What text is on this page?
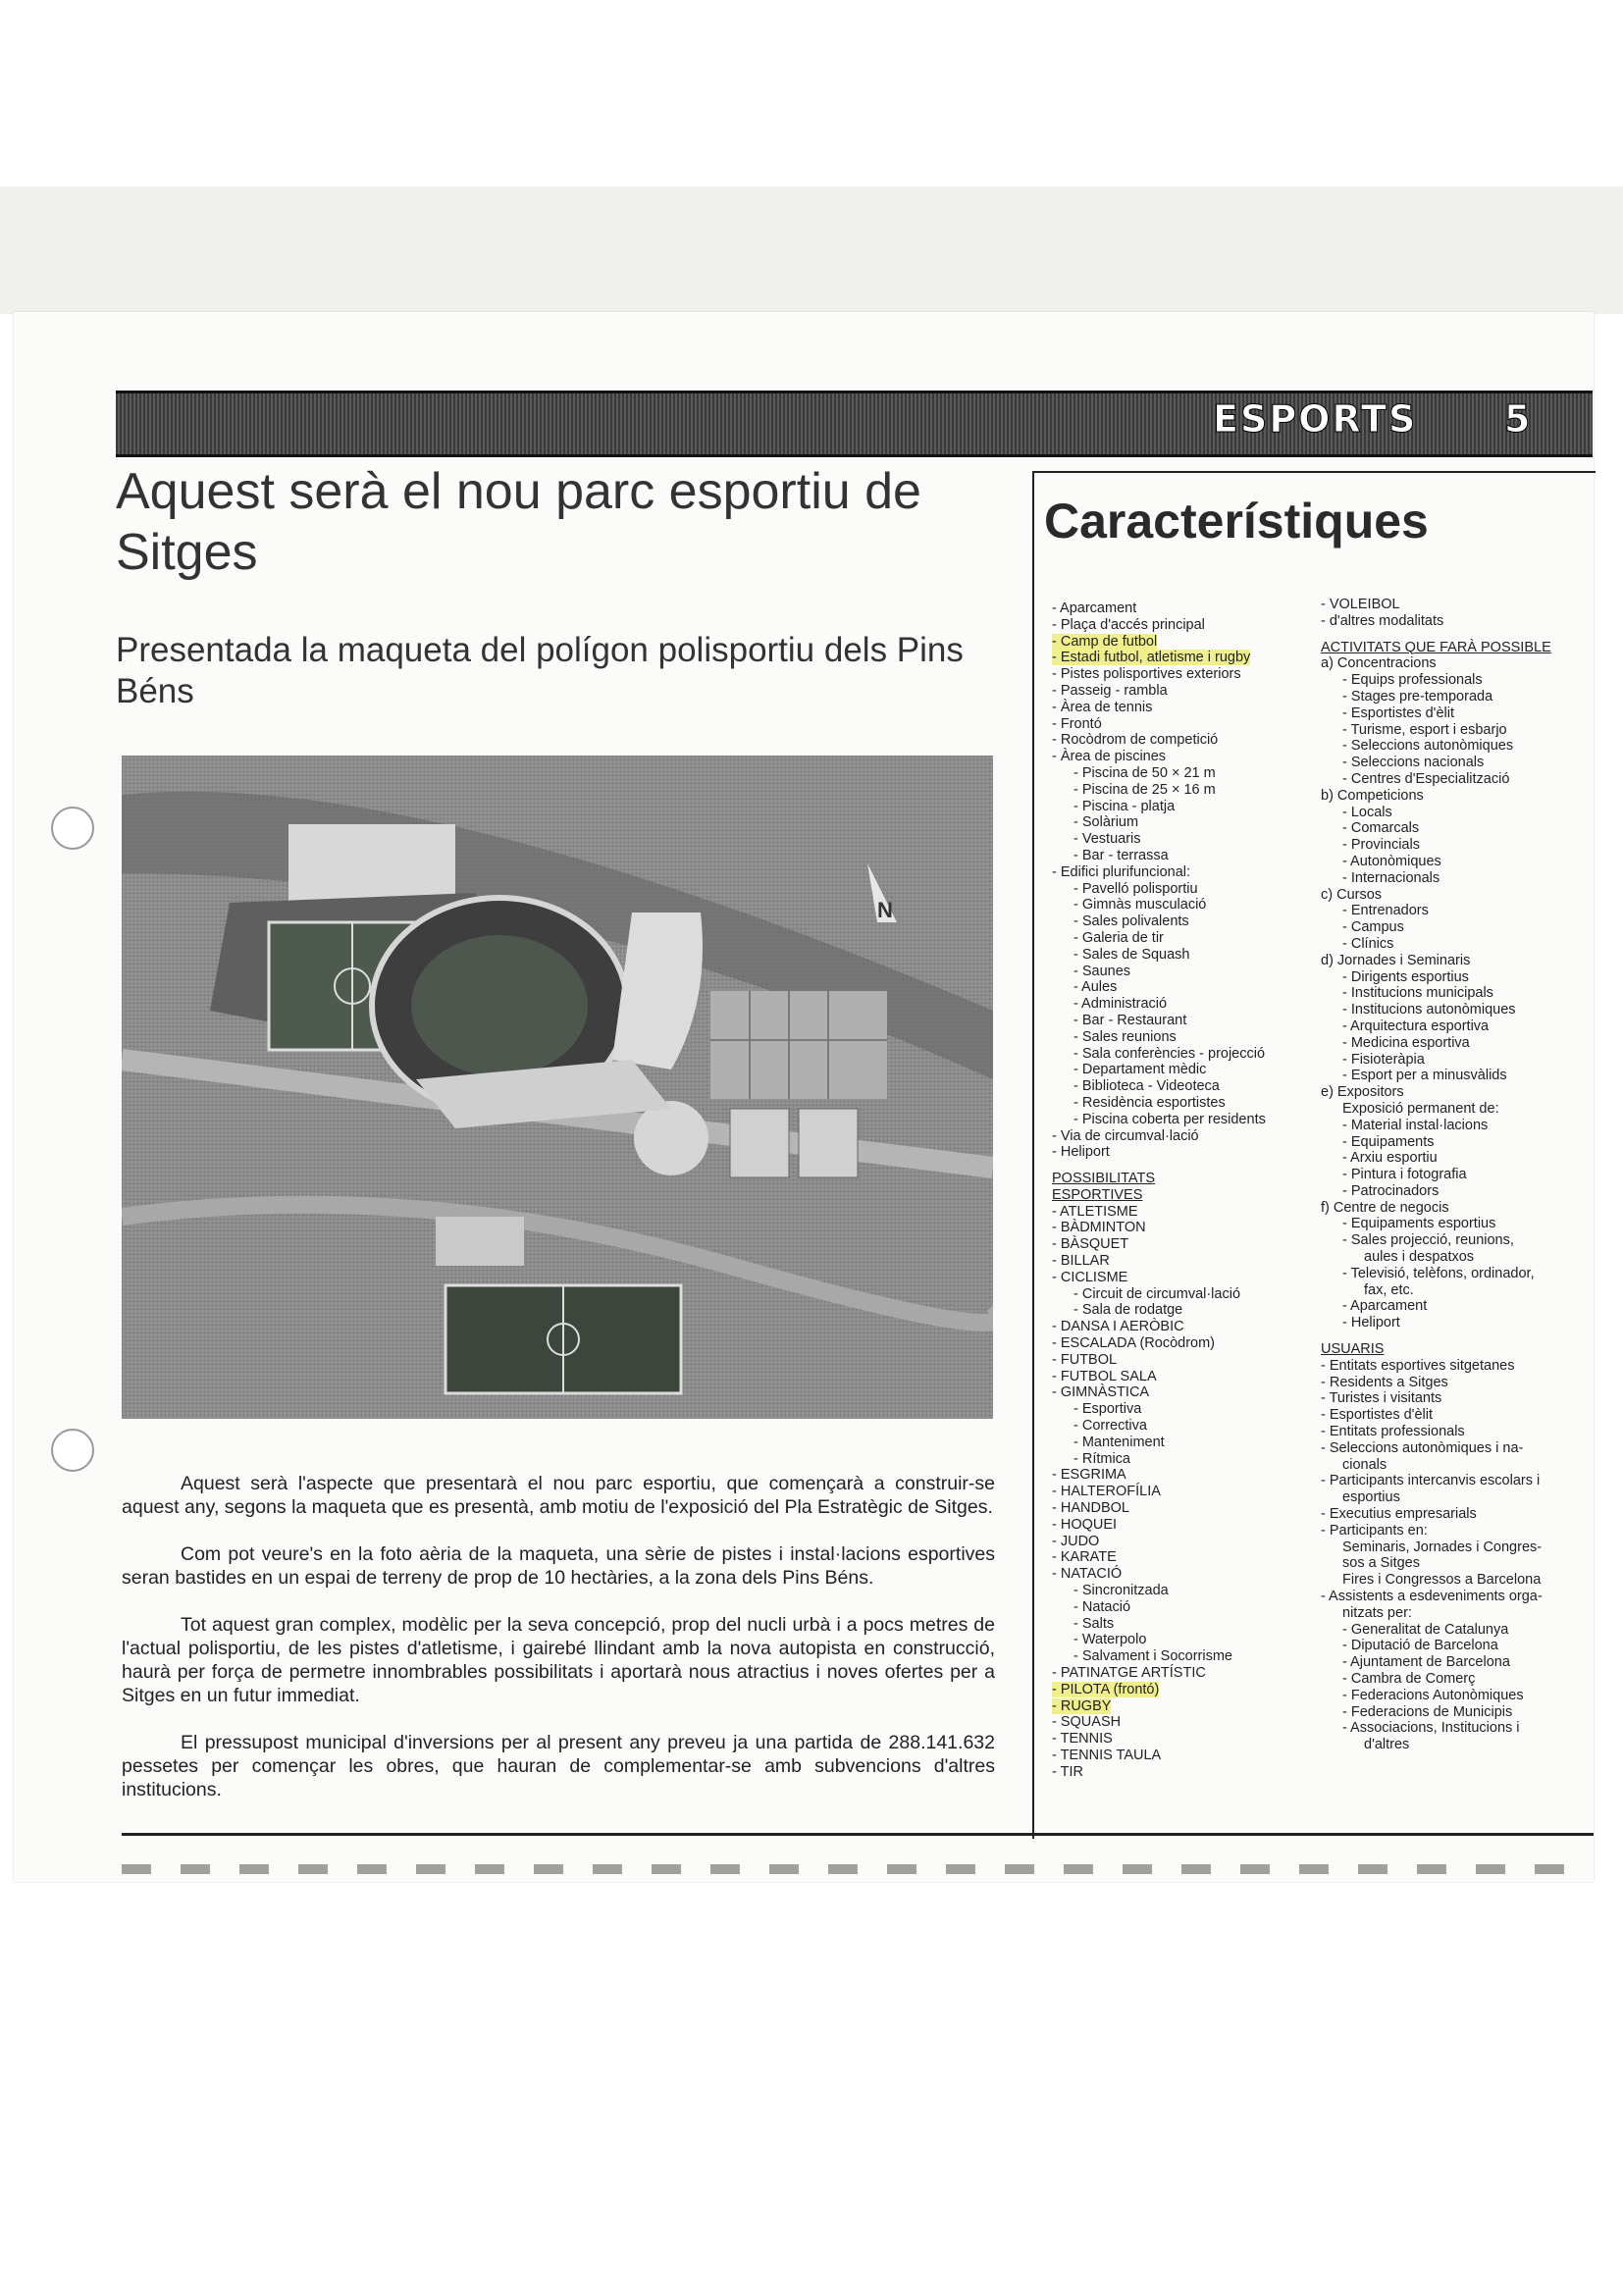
ESPORTS 5
Aquest serà el nou parc esportiu de Sitges
Presentada la maqueta del polígon polisportiu dels Pins Béns
N

Aquest serà l'aspecte que presentarà el nou parc esportiu, que començarà a construir-se aquest any, segons la maqueta que es presentà, amb motiu de l'exposició del Pla Estratègic de Sitges.

Com pot veure's en la foto aèria de la maqueta, una sèrie de pistes i instal·lacions esportives seran bastides en un espai de terreny de prop de 10 hectàries, a la zona dels Pins Béns.

Tot aquest gran complex, modèlic per la seva concepció, prop del nucli urbà i a pocs metres de l'actual polisportiu, de les pistes d'atletisme, i gairebé llindant amb la nova autopista en construcció, haurà per força de permetre innombrables possibilitats i aportarà nous atractius i noves ofertes per a Sitges en un futur immediat.

El pressupost municipal d'inversions per al present any preveu ja una partida de 288.141.632 pessetes per començar les obres, que hauran de complementar-se amb subvencions d'altres institucions.

Característiques
- Aparcament
- Plaça d'accés principal
- Camp de futbol
- Estadi futbol, atletisme i rugby
- Pistes polisportives exteriors
- Passeig - rambla
- Àrea de tennis
- Frontó
- Rocòdrom de competició
- Àrea de piscines
- Piscina de 50 × 21 m
- Piscina de 25 × 16 m
- Piscina - platja
- Solàrium
- Vestuaris
- Bar - terrassa
- Edifici plurifuncional:
- Pavelló polisportiu
- Gimnàs musculació
- Sales polivalents
- Galeria de tir
- Sales de Squash
- Saunes
- Aules
- Administració
- Bar - Restaurant
- Sales reunions
- Sala conferències - projecció
- Departament mèdic
- Biblioteca - Videoteca
- Residència esportistes
- Piscina coberta per residents
- Via de circumval·lació
- Heliport
POSSIBILITATS
ESPORTIVES
- ATLETISME
- BÀDMINTON
- BÀSQUET
- BILLAR
- CICLISME
- Circuit de circumval·lació
- Sala de rodatge
- DANSA I AERÒBIC
- ESCALADA (Rocòdrom)
- FUTBOL
- FUTBOL SALA
- GIMNÀSTICA
- Esportiva
- Correctiva
- Manteniment
- Rítmica
- ESGRIMA
- HALTEROFÍLIA
- HANDBOL
- HOQUEI
- JUDO
- KARATE
- NATACIÓ
- Sincronitzada
- Natació
- Salts
- Waterpolo
- Salvament i Socorrisme
- PATINATGE ARTÍSTIC
- PILOTA (frontó)
- RUGBY
- SQUASH
- TENNIS
- TENNIS TAULA
- TIR
- VOLEIBOL
- d'altres modalitats
ACTIVITATS QUE FARÀ POSSIBLE
a) Concentracions
- Equips professionals
- Stages pre-temporada
- Esportistes d'èlit
- Turisme, esport i esbarjo
- Seleccions autonòmiques
- Seleccions nacionals
- Centres d'Especialització
b) Competicions
- Locals
- Comarcals
- Provincials
- Autonòmiques
- Internacionals
c) Cursos
- Entrenadors
- Campus
- Clínics
d) Jornades i Seminaris
- Dirigents esportius
- Institucions municipals
- Institucions autonòmiques
- Arquitectura esportiva
- Medicina esportiva
- Fisioteràpia
- Esport per a minusvàlids
e) Expositors
Exposició permanent de:
- Material instal·lacions
- Equipaments
- Arxiu esportiu
- Pintura i fotografia
- Patrocinadors
f) Centre de negocis
- Equipaments esportius
- Sales projecció, reunions,
aules i despatxos
- Televisió, telèfons, ordinador,
fax, etc.
- Aparcament
- Heliport
USUARIS
- Entitats esportives sitgetanes
- Residents a Sitges
- Turistes i visitants
- Esportistes d'èlit
- Entitats professionals
- Seleccions autonòmiques i na-
cionals
- Participants intercanvis escolars i
esportius
- Executius empresarials
- Participants en:
Seminaris, Jornades i Congres-
sos a Sitges
Fires i Congressos a Barcelona
- Assistents a esdeveniments orga-
nitzats per:
- Generalitat de Catalunya
- Diputació de Barcelona
- Ajuntament de Barcelona
- Cambra de Comerç
- Federacions Autonòmiques
- Federacions de Municipis
- Associacions, Institucions i
d'altres
